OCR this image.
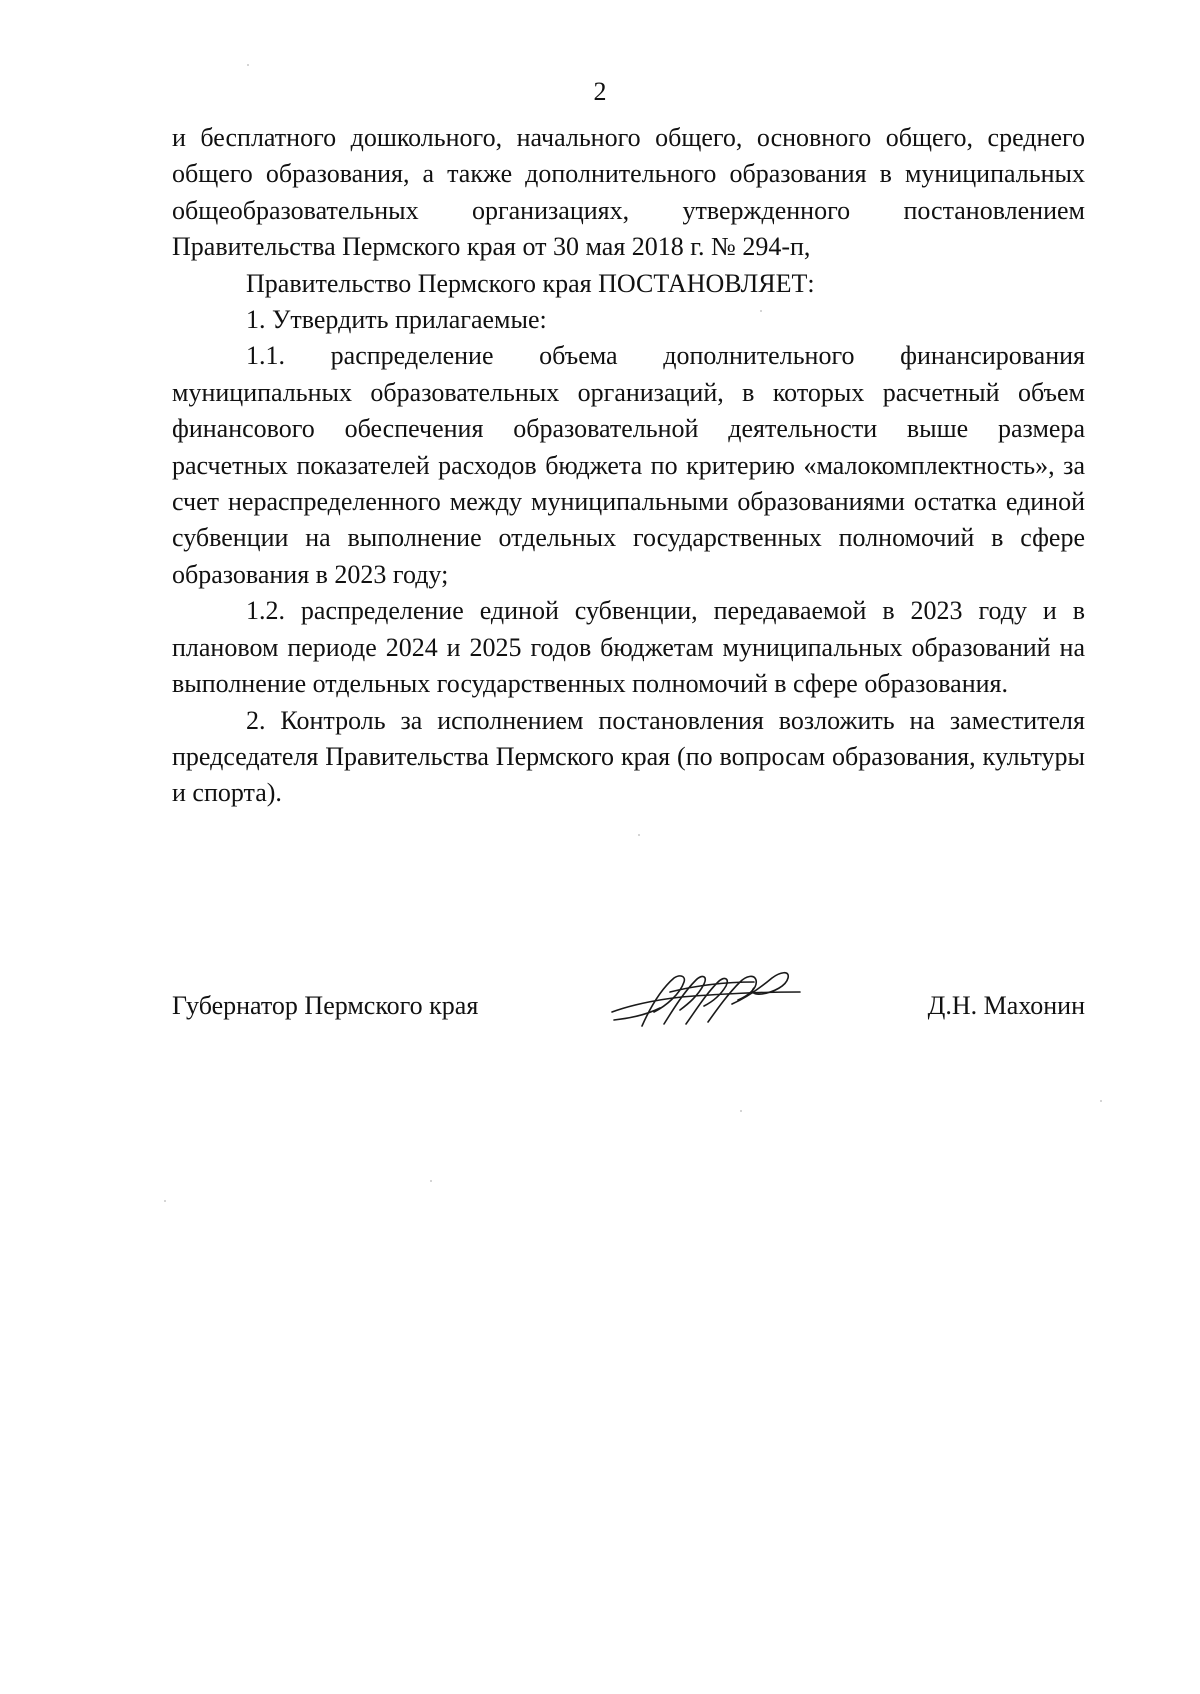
2

и бесплатного дошкольного, начального общего, основного общего, среднего общего образования, а также дополнительного образования в муниципальных общеобразовательных организациях, утвержденного постановлением Правительства Пермского края от 30 мая 2018 г. № 294-п,

Правительство Пермского края ПОСТАНОВЛЯЕТ:

1. Утвердить прилагаемые:

1.1. распределение объема дополнительного финансирования муниципальных образовательных организаций, в которых расчетный объем финансового обеспечения образовательной деятельности выше размера расчетных показателей расходов бюджета по критерию «малокомплектность», за счет нераспределенного между муниципальными образованиями остатка единой субвенции на выполнение отдельных государственных полномочий в сфере образования в 2023 году;

1.2. распределение единой субвенции, передаваемой в 2023 году и в плановом периоде 2024 и 2025 годов бюджетам муниципальных образований на выполнение отдельных государственных полномочий в сфере образования.

2. Контроль за исполнением постановления возложить на заместителя председателя Правительства Пермского края (по вопросам образования, культуры и спорта).

Губернатор Пермского края	Д.Н. Махонин
